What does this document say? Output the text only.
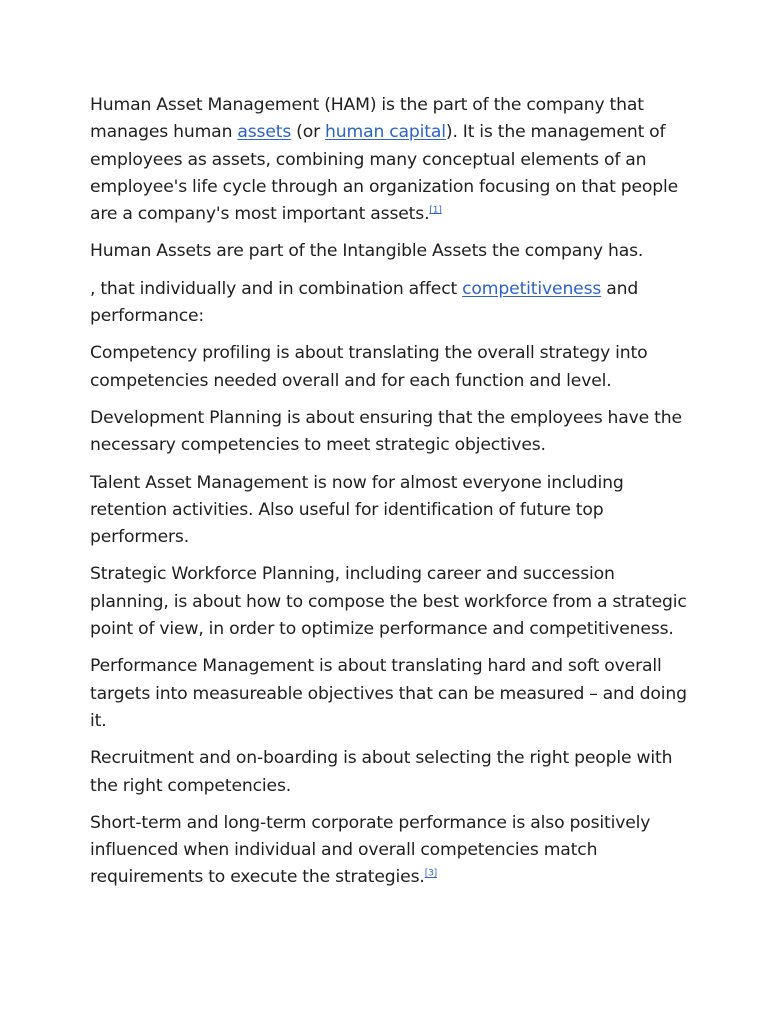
Human Asset Management (HAM) is the part of the company that manages human assets (or human capital). It is the management of employees as assets, combining many conceptual elements of an employee's life cycle through an organization focusing on that people are a company's most important assets.[1]

Human Assets are part of the Intangible Assets the company has.

, that individually and in combination affect competitiveness and performance:

Competency profiling is about translating the overall strategy into competencies needed overall and for each function and level.

Development Planning is about ensuring that the employees have the necessary competencies to meet strategic objectives.

Talent Asset Management is now for almost everyone including retention activities. Also useful for identification of future top performers.

Strategic Workforce Planning, including career and succession planning, is about how to compose the best workforce from a strategic point of view, in order to optimize performance and competitiveness.

Performance Management is about translating hard and soft overall targets into measureable objectives that can be measured – and doing it.

Recruitment and on-boarding is about selecting the right people with the right competencies.

Short-term and long-term corporate performance is also positively influenced when individual and overall competencies match requirements to execute the strategies.[3]
